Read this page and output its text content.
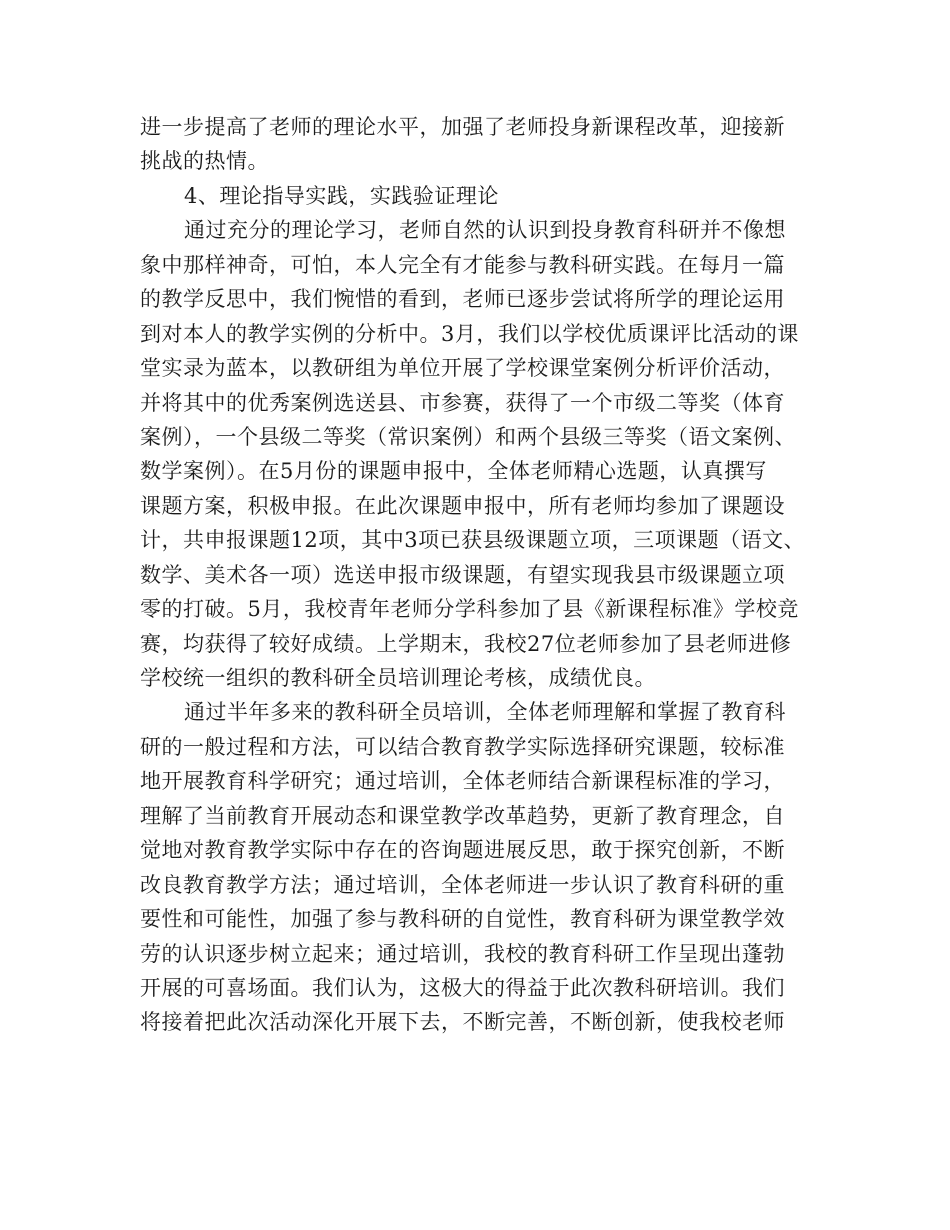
进一步提高了老师的理论水平，加强了老师投身新课程改革，迎接新
挑战的热情。
4、理论指导实践，实践验证理论
通过充分的理论学习，老师自然的认识到投身教育科研并不像想
象中那样神奇，可怕，本人完全有才能参与教科研实践。在每月一篇
的教学反思中，我们惋惜的看到，老师已逐步尝试将所学的理论运用
到对本人的教学实例的分析中。3月，我们以学校优质课评比活动的课
堂实录为蓝本，以教研组为单位开展了学校课堂案例分析评价活动，
并将其中的优秀案例选送县、市参赛，获得了一个市级二等奖（体育
案例），一个县级二等奖（常识案例）和两个县级三等奖（语文案例、
数学案例）。在5月份的课题申报中，全体老师精心选题，认真撰写
课题方案，积极申报。在此次课题申报中，所有老师均参加了课题设
计，共申报课题12项，其中3项已获县级课题立项，三项课题（语文、
数学、美术各一项）选送申报市级课题，有望实现我县市级课题立项
零的打破。5月，我校青年老师分学科参加了县《新课程标准》学校竞
赛，均获得了较好成绩。上学期末，我校27位老师参加了县老师进修
学校统一组织的教科研全员培训理论考核，成绩优良。
通过半年多来的教科研全员培训，全体老师理解和掌握了教育科
研的一般过程和方法，可以结合教育教学实际选择研究课题，较标准
地开展教育科学研究；通过培训，全体老师结合新课程标准的学习，
理解了当前教育开展动态和课堂教学改革趋势，更新了教育理念，自
觉地对教育教学实际中存在的咨询题进展反思，敢于探究创新，不断
改良教育教学方法；通过培训，全体老师进一步认识了教育科研的重
要性和可能性，加强了参与教科研的自觉性，教育科研为课堂教学效
劳的认识逐步树立起来；通过培训，我校的教育科研工作呈现出蓬勃
开展的可喜场面。我们认为，这极大的得益于此次教科研培训。我们
将接着把此次活动深化开展下去，不断完善，不断创新，使我校老师
